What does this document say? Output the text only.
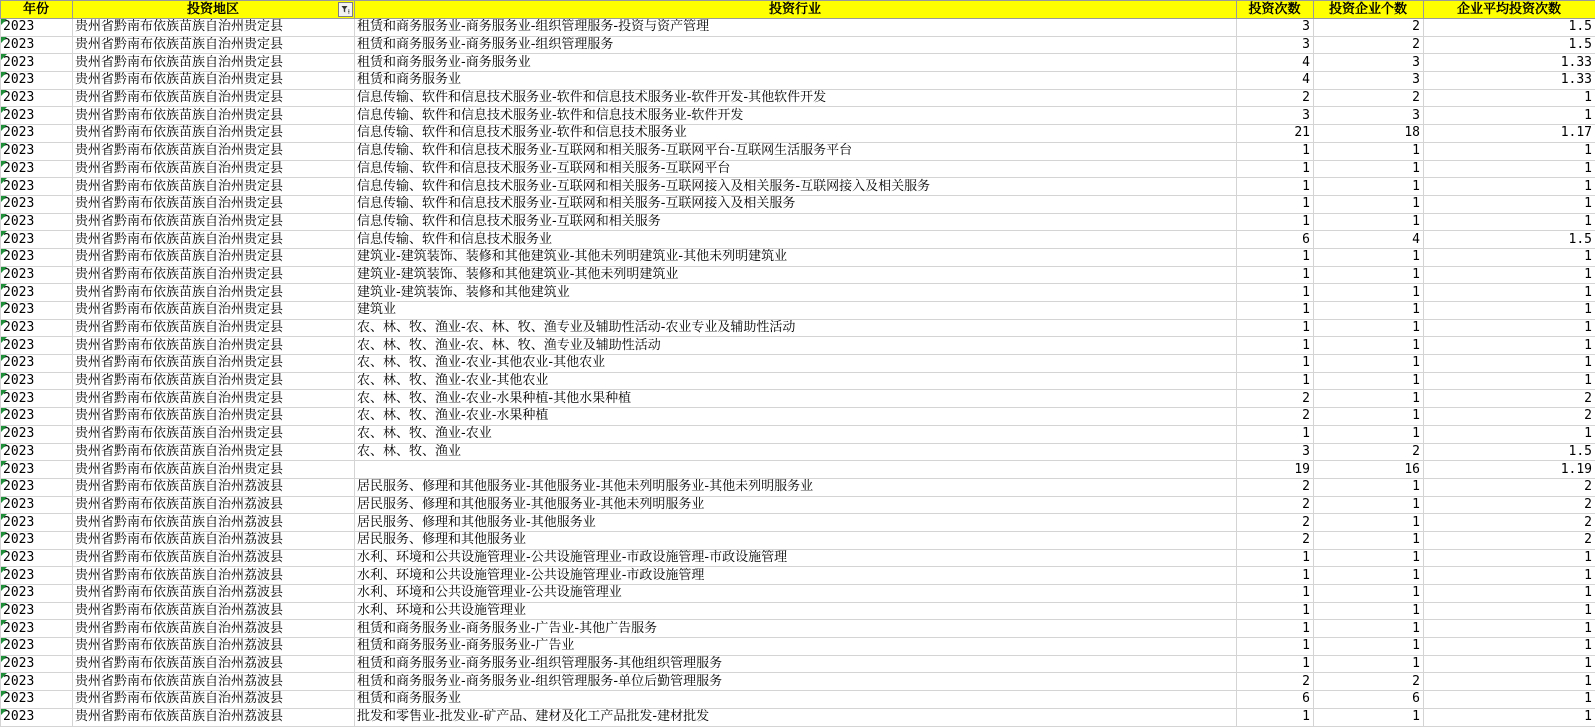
年份	投资地区	投资行业	投资次数	投资企业个数	企业平均投资次数

2023	贵州省黔南布依族苗族自治州贵定县	租赁和商务服务业-商务服务业-组织管理服务-投资与资产管理	3	2	1.5

2023	贵州省黔南布依族苗族自治州贵定县	租赁和商务服务业-商务服务业-组织管理服务	3	2	1.5

2023	贵州省黔南布依族苗族自治州贵定县	租赁和商务服务业-商务服务业	4	3	1.33

2023	贵州省黔南布依族苗族自治州贵定县	租赁和商务服务业	4	3	1.33

2023	贵州省黔南布依族苗族自治州贵定县	信息传输、软件和信息技术服务业-软件和信息技术服务业-软件开发-其他软件开发	2	2	1

2023	贵州省黔南布依族苗族自治州贵定县	信息传输、软件和信息技术服务业-软件和信息技术服务业-软件开发	3	3	1

2023	贵州省黔南布依族苗族自治州贵定县	信息传输、软件和信息技术服务业-软件和信息技术服务业	21	18	1.17

2023	贵州省黔南布依族苗族自治州贵定县	信息传输、软件和信息技术服务业-互联网和相关服务-互联网平台-互联网生活服务平台	1	1	1

2023	贵州省黔南布依族苗族自治州贵定县	信息传输、软件和信息技术服务业-互联网和相关服务-互联网平台	1	1	1

2023	贵州省黔南布依族苗族自治州贵定县	信息传输、软件和信息技术服务业-互联网和相关服务-互联网接入及相关服务-互联网接入及相关服务	1	1	1

2023	贵州省黔南布依族苗族自治州贵定县	信息传输、软件和信息技术服务业-互联网和相关服务-互联网接入及相关服务	1	1	1

2023	贵州省黔南布依族苗族自治州贵定县	信息传输、软件和信息技术服务业-互联网和相关服务	1	1	1

2023	贵州省黔南布依族苗族自治州贵定县	信息传输、软件和信息技术服务业	6	4	1.5

2023	贵州省黔南布依族苗族自治州贵定县	建筑业-建筑装饰、装修和其他建筑业-其他未列明建筑业-其他未列明建筑业	1	1	1

2023	贵州省黔南布依族苗族自治州贵定县	建筑业-建筑装饰、装修和其他建筑业-其他未列明建筑业	1	1	1

2023	贵州省黔南布依族苗族自治州贵定县	建筑业-建筑装饰、装修和其他建筑业	1	1	1

2023	贵州省黔南布依族苗族自治州贵定县	建筑业	1	1	1

2023	贵州省黔南布依族苗族自治州贵定县	农、林、牧、渔业-农、林、牧、渔专业及辅助性活动-农业专业及辅助性活动	1	1	1

2023	贵州省黔南布依族苗族自治州贵定县	农、林、牧、渔业-农、林、牧、渔专业及辅助性活动	1	1	1

2023	贵州省黔南布依族苗族自治州贵定县	农、林、牧、渔业-农业-其他农业-其他农业	1	1	1

2023	贵州省黔南布依族苗族自治州贵定县	农、林、牧、渔业-农业-其他农业	1	1	1

2023	贵州省黔南布依族苗族自治州贵定县	农、林、牧、渔业-农业-水果种植-其他水果种植	2	1	2

2023	贵州省黔南布依族苗族自治州贵定县	农、林、牧、渔业-农业-水果种植	2	1	2

2023	贵州省黔南布依族苗族自治州贵定县	农、林、牧、渔业-农业	1	1	1

2023	贵州省黔南布依族苗族自治州贵定县	农、林、牧、渔业	3	2	1.5

2023	贵州省黔南布依族苗族自治州贵定县		19	16	1.19

2023	贵州省黔南布依族苗族自治州荔波县	居民服务、修理和其他服务业-其他服务业-其他未列明服务业-其他未列明服务业	2	1	2

2023	贵州省黔南布依族苗族自治州荔波县	居民服务、修理和其他服务业-其他服务业-其他未列明服务业	2	1	2

2023	贵州省黔南布依族苗族自治州荔波县	居民服务、修理和其他服务业-其他服务业	2	1	2

2023	贵州省黔南布依族苗族自治州荔波县	居民服务、修理和其他服务业	2	1	2

2023	贵州省黔南布依族苗族自治州荔波县	水利、环境和公共设施管理业-公共设施管理业-市政设施管理-市政设施管理	1	1	1

2023	贵州省黔南布依族苗族自治州荔波县	水利、环境和公共设施管理业-公共设施管理业-市政设施管理	1	1	1

2023	贵州省黔南布依族苗族自治州荔波县	水利、环境和公共设施管理业-公共设施管理业	1	1	1

2023	贵州省黔南布依族苗族自治州荔波县	水利、环境和公共设施管理业	1	1	1

2023	贵州省黔南布依族苗族自治州荔波县	租赁和商务服务业-商务服务业-广告业-其他广告服务	1	1	1

2023	贵州省黔南布依族苗族自治州荔波县	租赁和商务服务业-商务服务业-广告业	1	1	1

2023	贵州省黔南布依族苗族自治州荔波县	租赁和商务服务业-商务服务业-组织管理服务-其他组织管理服务	1	1	1

2023	贵州省黔南布依族苗族自治州荔波县	租赁和商务服务业-商务服务业-组织管理服务-单位后勤管理服务	2	2	1

2023	贵州省黔南布依族苗族自治州荔波县	租赁和商务服务业	6	6	1

2023	贵州省黔南布依族苗族自治州荔波县	批发和零售业-批发业-矿产品、建材及化工产品批发-建材批发	1	1	1
